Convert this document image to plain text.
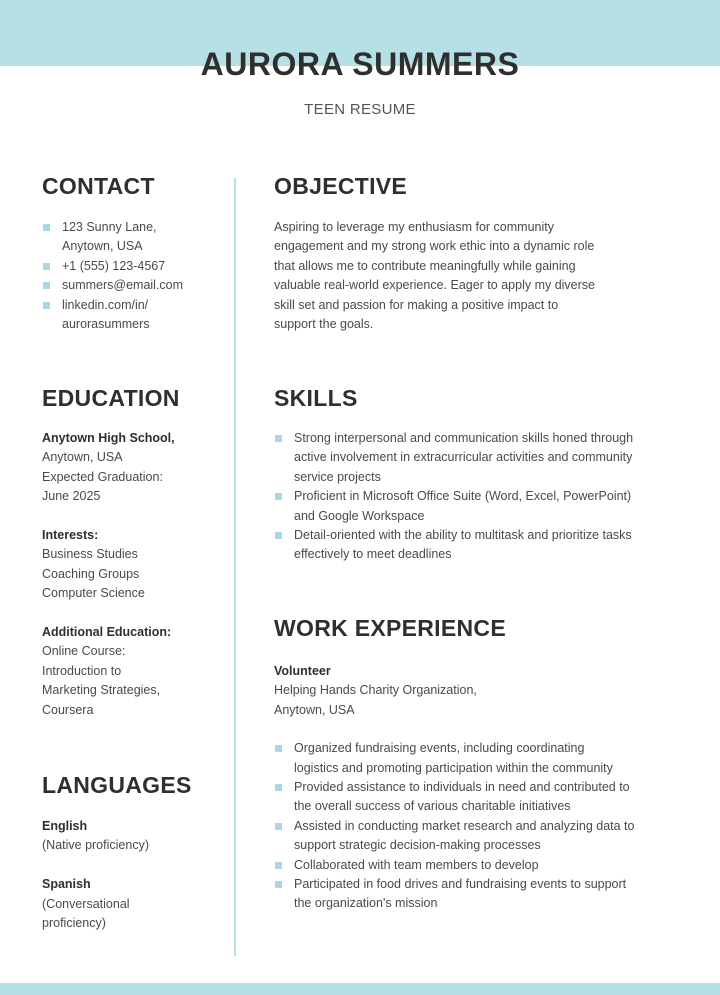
AURORA SUMMERS
TEEN RESUME
CONTACT
123 Sunny Lane,
Anytown, USA
+1 (555) 123-4567
summers@email.com
linkedin.com/in/
aurorasummers
EDUCATION
Anytown High School,
Anytown, USA
Expected Graduation:
June 2025
Interests:
Business Studies
Coaching Groups
Computer Science
Additional Education:
Online Course:
Introduction to
Marketing Strategies,
Coursera
LANGUAGES
English
(Native proficiency)
Spanish
(Conversational
proficiency)
OBJECTIVE
Aspiring to leverage my enthusiasm for community
engagement and my strong work ethic into a dynamic role
that allows me to contribute meaningfully while gaining
valuable real-world experience. Eager to apply my diverse
skill set and passion for making a positive impact to
support the goals.
SKILLS
Strong interpersonal and communication skills honed through
active involvement in extracurricular activities and community
service projects
Proficient in Microsoft Office Suite (Word, Excel, PowerPoint)
and Google Workspace
Detail-oriented with the ability to multitask and prioritize tasks
effectively to meet deadlines
WORK EXPERIENCE
Volunteer
Helping Hands Charity Organization,
Anytown, USA
Organized fundraising events, including coordinating
logistics and promoting participation within the community
Provided assistance to individuals in need and contributed to
the overall success of various charitable initiatives
Assisted in conducting market research and analyzing data to
support strategic decision-making processes
Collaborated with team members to develop
Participated in food drives and fundraising events to support
the organization's mission
